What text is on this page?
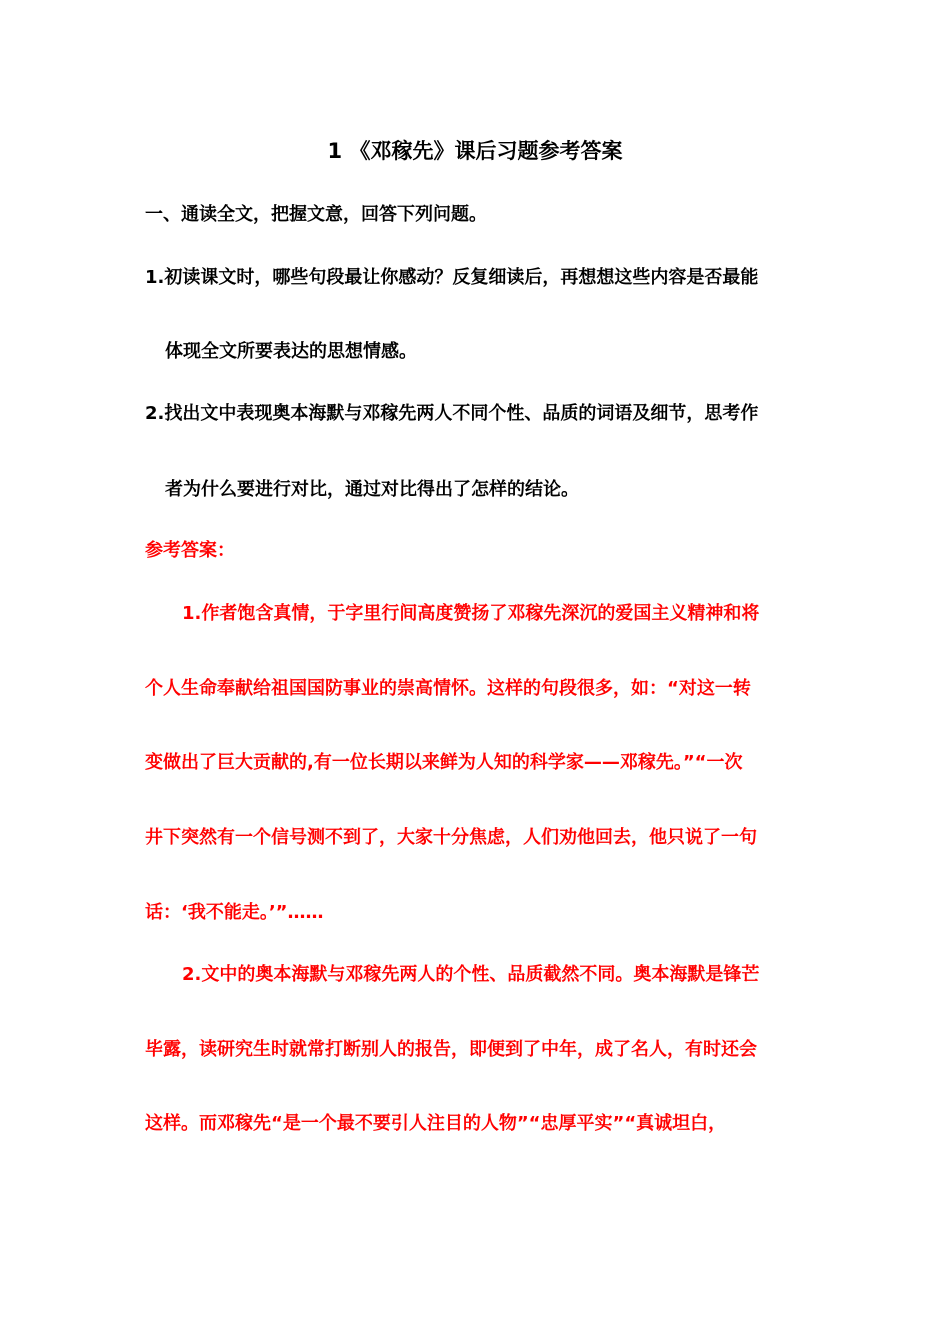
1 《邓稼先》课后习题参考答案
一、通读全文，把握文意，回答下列问题。
1.初读课文时，哪些句段最让你感动？反复细读后，再想想这些内容是否最能
体现全文所要表达的思想情感。
2.找出文中表现奥本海默与邓稼先两人不同个性、品质的词语及细节，思考作
者为什么要进行对比，通过对比得出了怎样的结论。
参考答案：
1.作者饱含真情，于字里行间高度赞扬了邓稼先深沉的爱国主义精神和将
个人生命奉献给祖国国防事业的崇高情怀。这样的句段很多，如：“对这一转
变做出了巨大贡献的,有一位长期以来鲜为人知的科学家——邓稼先。”“一次
井下突然有一个信号测不到了，大家十分焦虑，人们劝他回去，他只说了一句
话：‘我不能走。’”……
2.文中的奥本海默与邓稼先两人的个性、品质截然不同。奥本海默是锋芒
毕露，读研究生时就常打断别人的报告，即便到了中年，成了名人，有时还会
这样。而邓稼先“是一个最不要引人注目的人物”“忠厚平实”“真诚坦白，
